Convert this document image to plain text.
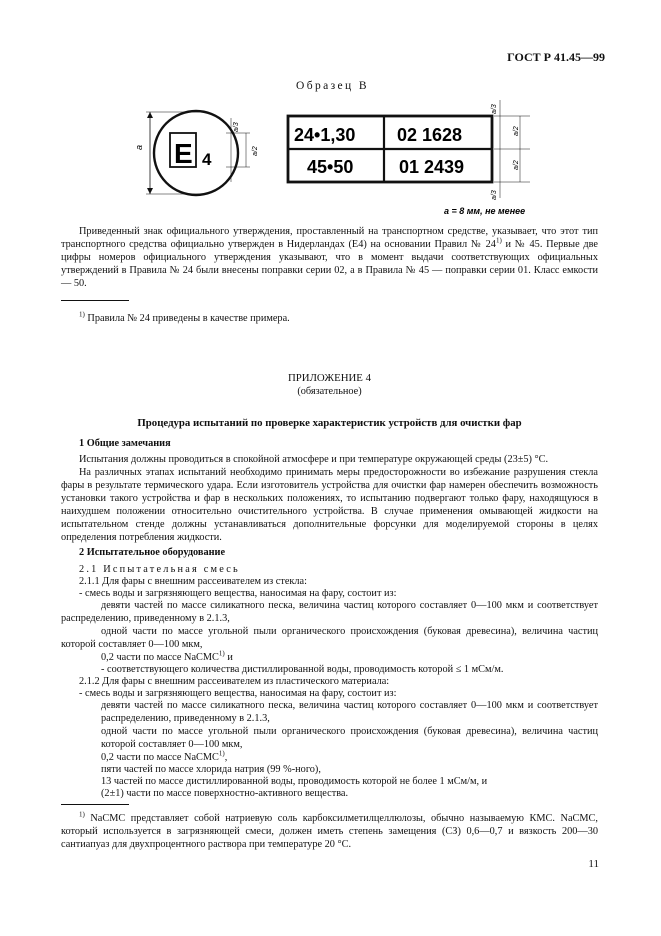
ГОСТ Р 41.45—99
Образец В
a E 4
a/3
a/2
24•1,30 02 1628
45•50	01 2439
a/3
a/2
a/2
a/3
a = 8 мм, не менее
Приведенный знак официального утверждения, проставленный на транспортном средстве, указывает, что этот тип транспортного средства официально утвержден в Нидерландах (E4) на основании Правил № 24$^{1)}$ и № 45. Первые две цифры номеров официального утверждения указывают, что в момент выдачи соответствующих официальных утверждений в Правила № 24 были внесены поправки серии 02, а в Правила № 45 — поправки серии 01. Класс емкости — 50.
$^{1)}$ Правила № 24 приведены в качестве примера.
ПРИЛОЖЕНИЕ 4
(обязательное)
Процедура испытаний по проверке характеристик устройств для очистки фар
1 Общие замечания
Испытания должны проводиться в спокойной атмосфере и при температуре окружающей среды (23±5) °С.
На различных этапах испытаний необходимо принимать меры предосторожности во избежание разрушения стекла фары в результате термического удара. Если изготовитель устройства для очистки фар намерен обеспечить возможность установки такого устройства и фар в нескольких положениях, то испытанию подвергают только фару, находящуюся в наихудшем положении относительно очистительного устройства. В случае применения омывающей жидкости на испытательном стенде должны устанавливаться дополнительные форсунки для моделируемой стороны в целях определения потребления жидкости.
2 Испытательное оборудование
2.1 Испытательная смесь
2.1.1 Для фары с внешним рассеивателем из стекла:
- смесь воды и загрязняющего вещества, наносимая на фару, состоит из:
девяти частей по массе силикатного песка, величина частиц которого составляет 0—100 мкм и соответствует распределению, приведенному в 2.1.3,
одной части по массе угольной пыли органического происхождения (буковая древесина), величина частиц которой составляет 0—100 мкм,
0,2 части по массе NaCMC$^{1)}$ и
- соответствующего количества дистиллированной воды, проводимость которой ≤ 1 мСм/м.
2.1.2 Для фары с внешним рассеивателем из пластического материала:
- смесь воды и загрязняющего вещества, наносимая на фару, состоит из:
девяти частей по массе силикатного песка, величина частиц которого составляет 0—100 мкм и соответствует распределению, приведенному в 2.1.3,
одной части по массе угольной пыли органического происхождения (буковая древесина), величина частиц которой составляет 0—100 мкм,
0,2 части по массе NaCMC$^{1)}$,
пяти частей по массе хлорида натрия (99 %-ного),
13 частей по массе дистиллированной воды, проводимость которой не более 1 мСм/м, и
(2±1) части по массе поверхностно-активного вещества.
$^{1)}$ NaCMC представляет собой натриевую соль карбоксилметилцеллюлозы, обычно называемую КМС. NaCMC, который используется в загрязняющей смеси, должен иметь степень замещения (СЗ) 0,6—0,7 и вязкость 200—30 сантиапуаз для двухпроцентного раствора при температуре 20 °С.
11
